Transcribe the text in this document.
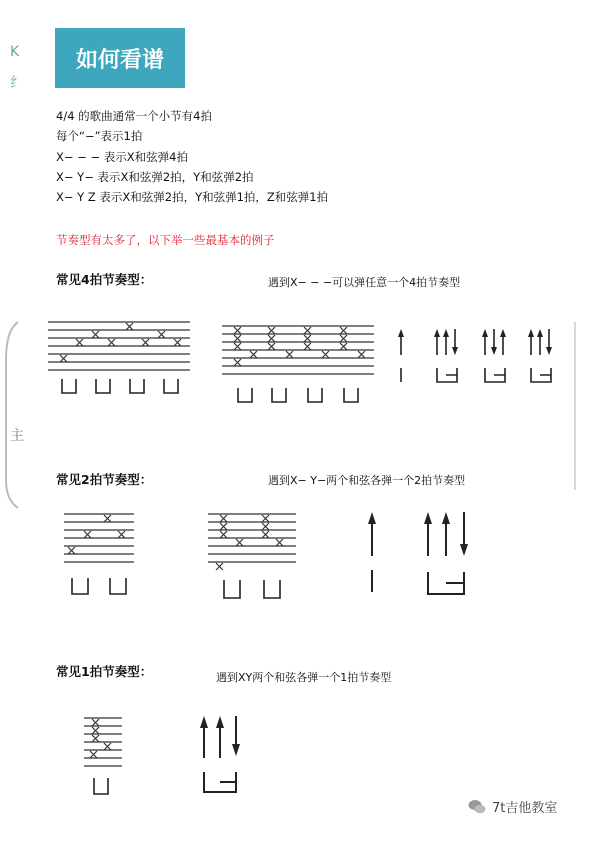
如何看谱
4/4 的歌曲通常一个小节有4拍
每个“−”表示1拍
X− − − 表示X和弦弹4拍
X− Y− 表示X和弦弹2拍，Y和弦弹2拍
X− Y Z 表示X和弦弹2拍，Y和弦弹1拍，Z和弦弹1拍
节奏型有太多了，以下举一些最基本的例子
常见4拍节奏型：	遇到X− − −可以弹任意一个4拍节奏型
常见2拍节奏型：	遇到X− Y−两个和弦各弹一个2拍节奏型
常见1拍节奏型：	遇到XY两个和弦各弹一个1拍节奏型
K
纟
主
7t吉他教室
